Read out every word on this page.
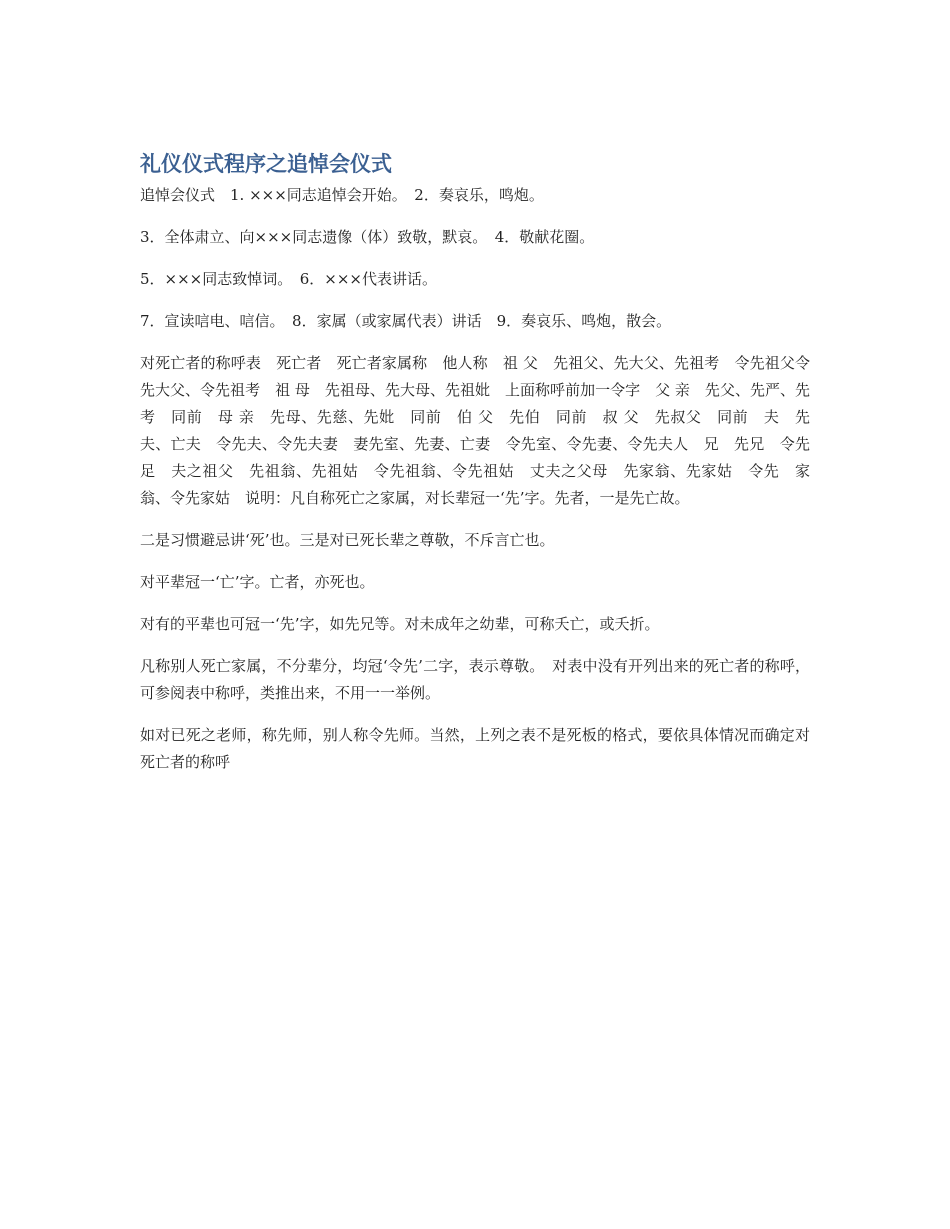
礼仪仪式程序之追悼会仪式

追悼会仪式　1. ×××同志追悼会开始。　2．奏哀乐，鸣炮。

3．全体肃立、向×××同志遗像（体）致敬，默哀。　4．敬献花圈。

5．×××同志致悼词。　6．×××代表讲话。

7．宣读唁电、唁信。　8．家属（或家属代表）讲话　9．奏哀乐、鸣炮，散会。

对死亡者的称呼表　死亡者　死亡者家属称　他人称　祖 父　先祖父、先大父、先祖考　令先祖父令先大父、令先祖考　祖 母　先祖母、先大母、先祖妣　上面称呼前加一令字　父 亲　先父、先严、先考　同前　母 亲　先母、先慈、先妣　同前　伯 父　先伯　同前　叔 父　先叔父　同前　夫　先夫、亡夫　令先夫、令先夫妻　妻先室、先妻、亡妻　令先室、令先妻、令先夫人　兄　先兄　令先足　夫之祖父　先祖翁、先祖姑　令先祖翁、令先祖姑　丈夫之父母　先家翁、先家姑　令先　家翁、令先家姑　说明：凡自称死亡之家属，对长辈冠一‘先’字。先者，一是先亡故。

二是习惯避忌讲‘死’也。三是对已死长辈之尊敬，不斥言亡也。

对平辈冠一‘亡’字。亡者，亦死也。

对有的平辈也可冠一‘先’字，如先兄等。对未成年之幼辈，可称夭亡，或夭折。

凡称别人死亡家属，不分辈分，均冠‘令先’二字，表示尊敬。　对表中没有开列出来的死亡者的称呼，可参阅表中称呼，类推出来，不用一一举例。

如对已死之老师，称先师，别人称令先师。当然，上列之表不是死板的格式，要依具体情况而确定对死亡者的称呼
